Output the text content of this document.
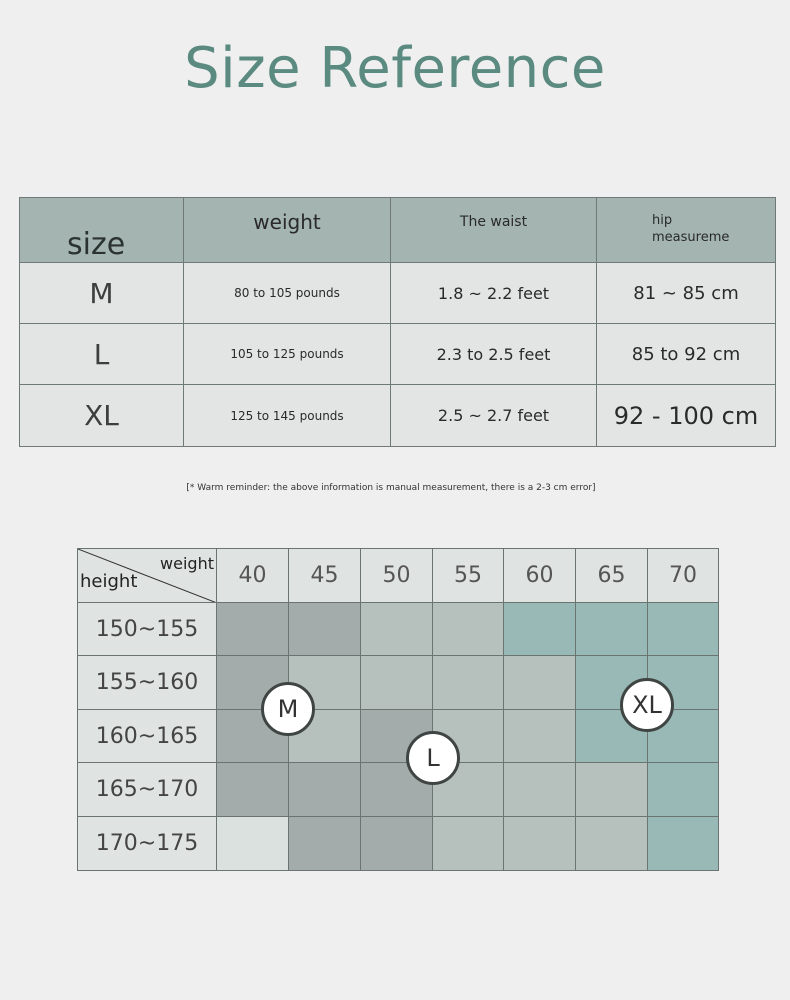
Size Reference
size	weight	The waist	hip
measureme

M	80 to 105 pounds	1.8 ~ 2.2 feet	81 ~ 85 cm
L	105 to 125 pounds	2.3 to 2.5 feet	85 to 92 cm
XL	125 to 145 pounds	2.5 ~ 2.7 feet	92 - 100 cm
[* Warm reminder: the above information is manual measurement, there is a 2-3 cm error]
weight
height	40	45	50	55	60	65	70
150~155
155~160
160~165
165~170
170~175
M
L
XL
